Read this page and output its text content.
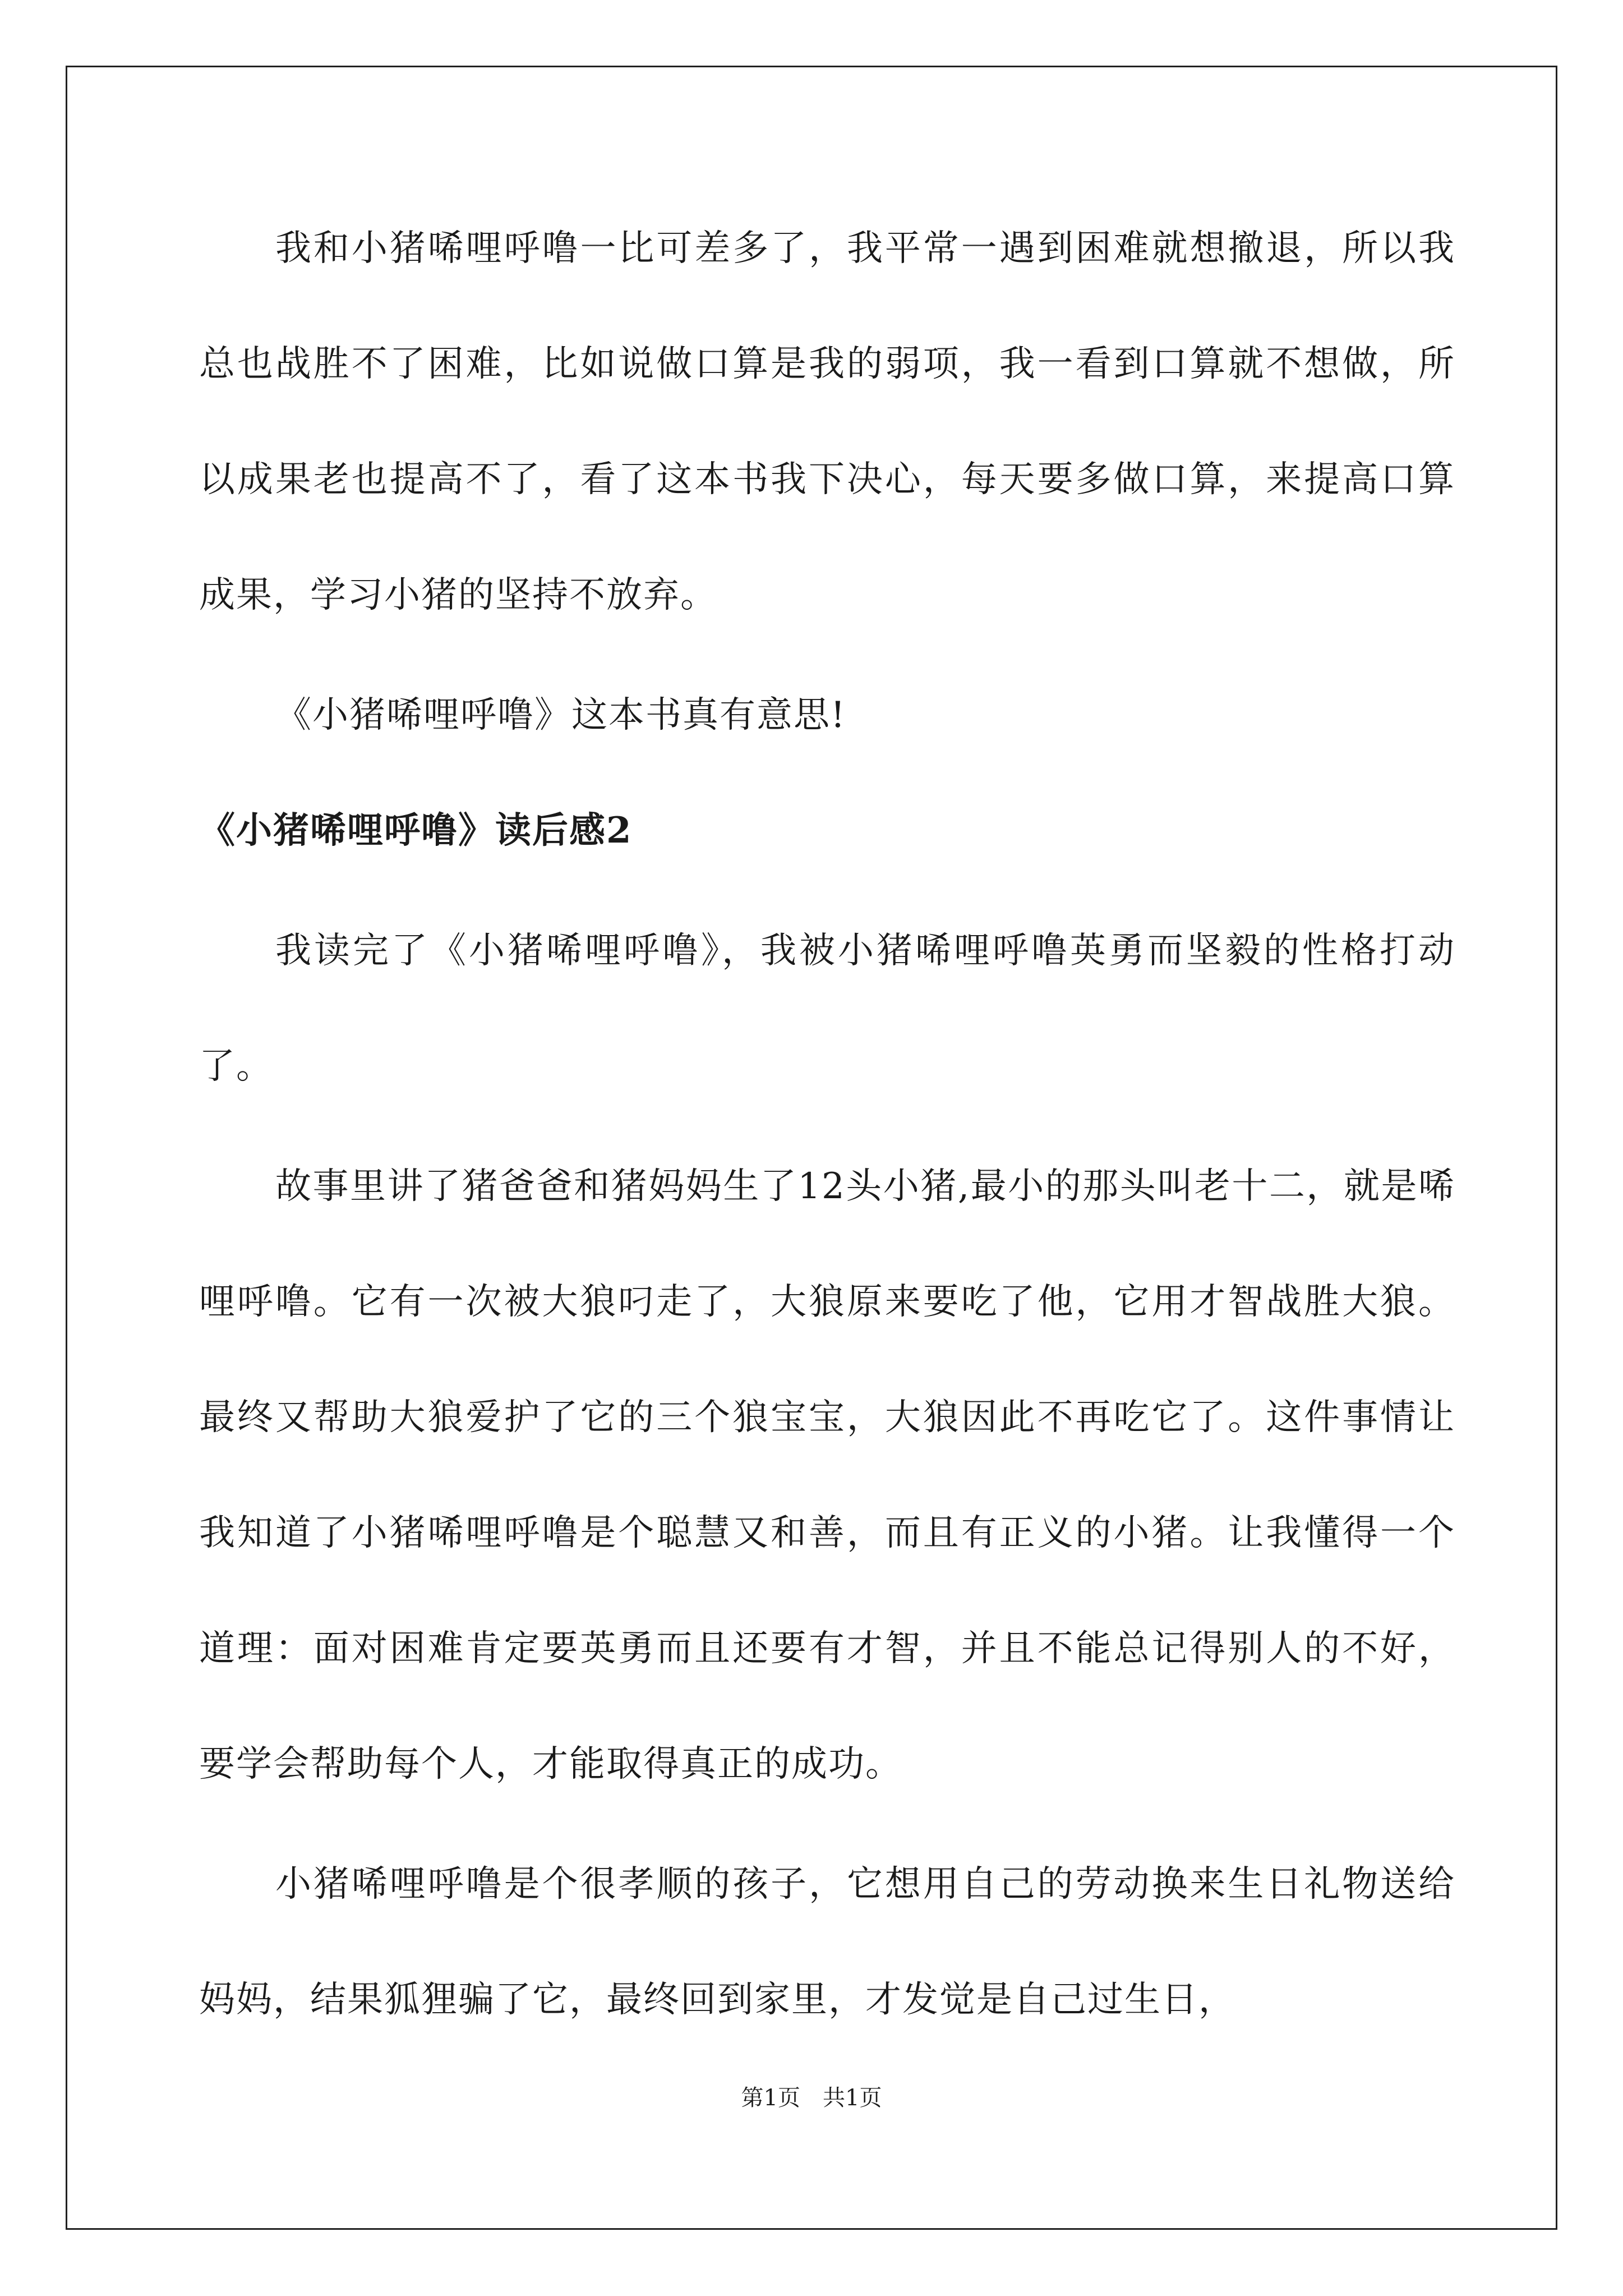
我和小猪唏哩呼噜一比可差多了，我平常一遇到困难就想撤退，所以我总也战胜不了困难，比如说做口算是我的弱项，我一看到口算就不想做，所以成果老也提高不了，看了这本书我下决心，每天要多做口算，来提高口算成果，学习小猪的坚持不放弃。

《小猪唏哩呼噜》这本书真有意思!

《小猪唏哩呼噜》读后感2

我读完了《小猪唏哩呼噜》，我被小猪唏哩呼噜英勇而坚毅的性格打动了。

故事里讲了猪爸爸和猪妈妈生了12头小猪,最小的那头叫老十二，就是唏哩呼噜。它有一次被大狼叼走了，大狼原来要吃了他，它用才智战胜大狼。最终又帮助大狼爱护了它的三个狼宝宝，大狼因此不再吃它了。这件事情让我知道了小猪唏哩呼噜是个聪慧又和善，而且有正义的小猪。让我懂得一个道理：面对困难肯定要英勇而且还要有才智，并且不能总记得别人的不好，要学会帮助每个人，才能取得真正的成功。

小猪唏哩呼噜是个很孝顺的孩子，它想用自己的劳动换来生日礼物送给妈妈，结果狐狸骗了它，最终回到家里，才发觉是自己过生日，

第1页　共1页
